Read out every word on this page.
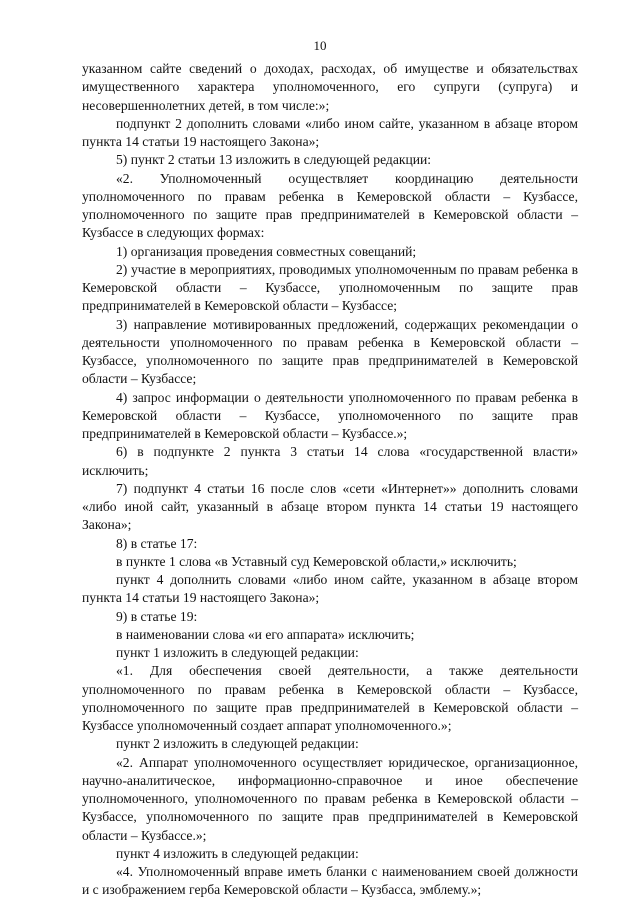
10

указанном сайте сведений о доходах, расходах, об имуществе и обязательствах имущественного характера уполномоченного, его супруги (супруга) и несовершеннолетних детей, в том числе:»;

подпункт 2 дополнить словами «либо ином сайте, указанном в абзаце втором пункта 14 статьи 19 настоящего Закона»;

5) пункт 2 статьи 13 изложить в следующей редакции:

«2. Уполномоченный осуществляет координацию деятельности уполномоченного по правам ребенка в Кемеровской области – Кузбассе, уполномоченного по защите прав предпринимателей в Кемеровской области – Кузбассе в следующих формах:

1) организация проведения совместных совещаний;

2) участие в мероприятиях, проводимых уполномоченным по правам ребенка в Кемеровской области – Кузбассе, уполномоченным по защите прав предпринимателей в Кемеровской области – Кузбассе;

3) направление мотивированных предложений, содержащих рекомендации о деятельности уполномоченного по правам ребенка в Кемеровской области – Кузбассе, уполномоченного по защите прав предпринимателей в Кемеровской области – Кузбассе;

4) запрос информации о деятельности уполномоченного по правам ребенка в Кемеровской области – Кузбассе, уполномоченного по защите прав предпринимателей в Кемеровской области – Кузбассе.»;

6) в подпункте 2 пункта 3 статьи 14 слова «государственной власти» исключить;

7) подпункт 4 статьи 16 после слов «сети «Интернет»» дополнить словами «либо иной сайт, указанный в абзаце втором пункта 14 статьи 19 настоящего Закона»;

8) в статье 17:

в пункте 1 слова «в Уставный суд Кемеровской области,» исключить;

пункт 4 дополнить словами «либо ином сайте, указанном в абзаце втором пункта 14 статьи 19 настоящего Закона»;

9) в статье 19:

в наименовании слова «и его аппарата» исключить;

пункт 1 изложить в следующей редакции:

«1. Для обеспечения своей деятельности, а также деятельности уполномоченного по правам ребенка в Кемеровской области – Кузбассе, уполномоченного по защите прав предпринимателей в Кемеровской области – Кузбассе уполномоченный создает аппарат уполномоченного.»;

пункт 2 изложить в следующей редакции:

«2. Аппарат уполномоченного осуществляет юридическое, организационное, научно-аналитическое, информационно-справочное и иное обеспечение уполномоченного, уполномоченного по правам ребенка в Кемеровской области – Кузбассе, уполномоченного по защите прав предпринимателей в Кемеровской области – Кузбассе.»;

пункт 4 изложить в следующей редакции:

«4. Уполномоченный вправе иметь бланки с наименованием своей должности и с изображением герба Кемеровской области – Кузбасса, эмблему.»;
